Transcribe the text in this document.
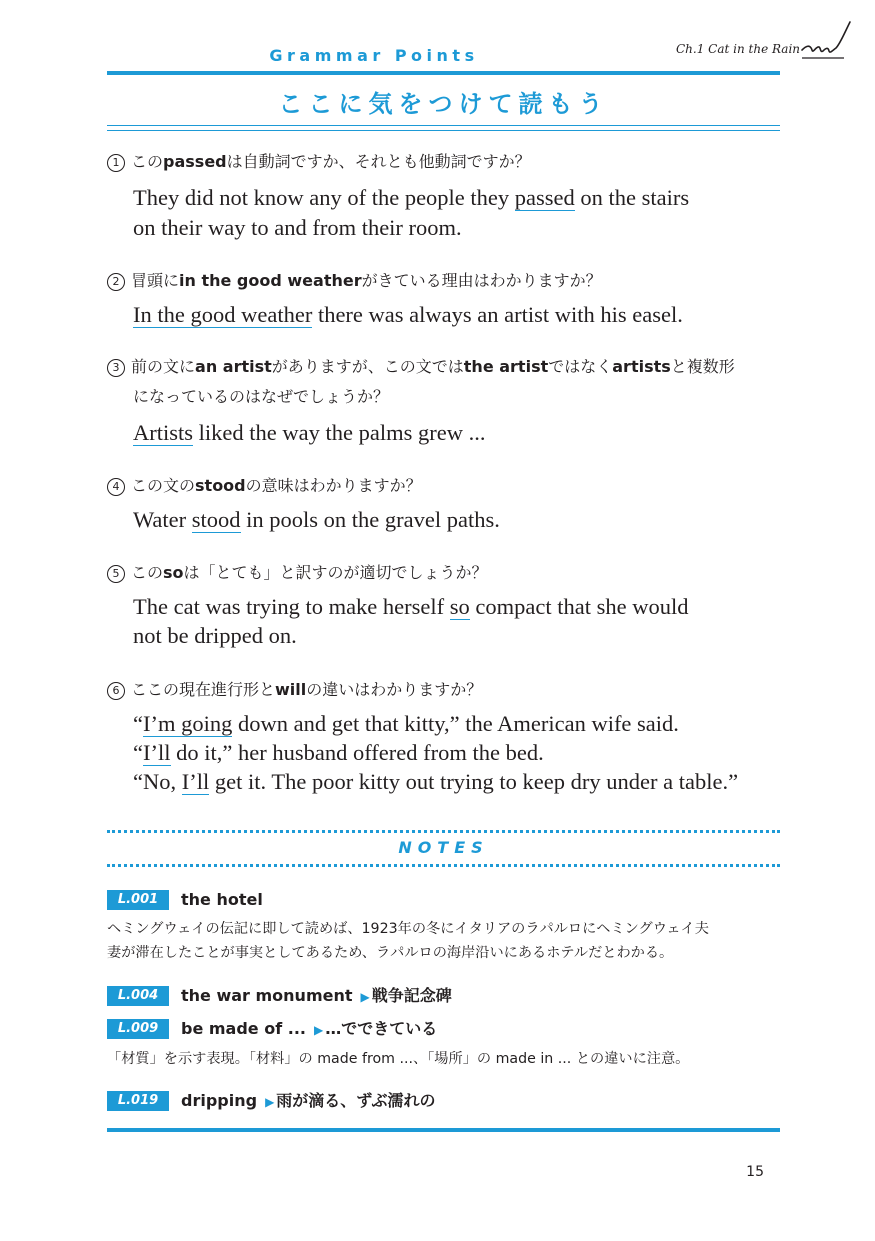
Grammar Points	Ch.1 Cat in the Rain
ここに気をつけて読もう
1 このpassedは自動詞ですか、それとも他動詞ですか？
They did not know any of the people they passed on the stairs
on their way to and from their room.
2 冒頭にin the good weatherがきている理由はわかりますか？
In the good weather there was always an artist with his easel.
3 前の文にan artistがありますが、この文ではthe artistではなくartistsと複数形
になっているのはなぜでしょうか？
Artists liked the way the palms grew ...
4 この文のstoodの意味はわかりますか？
Water stood in pools on the gravel paths.
5 このsoは「とても」と訳すのが適切でしょうか？
The cat was trying to make herself so compact that she would
not be dripped on.
6 ここの現在進行形とwillの違いはわかりますか？
“I’m going down and get that kitty,” the American wife said.
“I’ll do it,” her husband offered from the bed.
“No, I’ll get it. The poor kitty out trying to keep dry under a table.”
NOTES
L.001	the hotel
ヘミングウェイの伝記に即して読めば、1923年の冬にイタリアのラパルロにヘミングウェイ夫
妻が滞在したことが事実としてあるため、ラパルロの海岸沿いにあるホテルだとわかる。
L.004	the war monument ▶ 戦争記念碑
L.009	be made of ... ▶ …でできている
「材質」を示す表現。「材料」の made from ...、「場所」の made in ... との違いに注意。
L.019	dripping ▶ 雨が滴る、ずぶ濡れの
15
